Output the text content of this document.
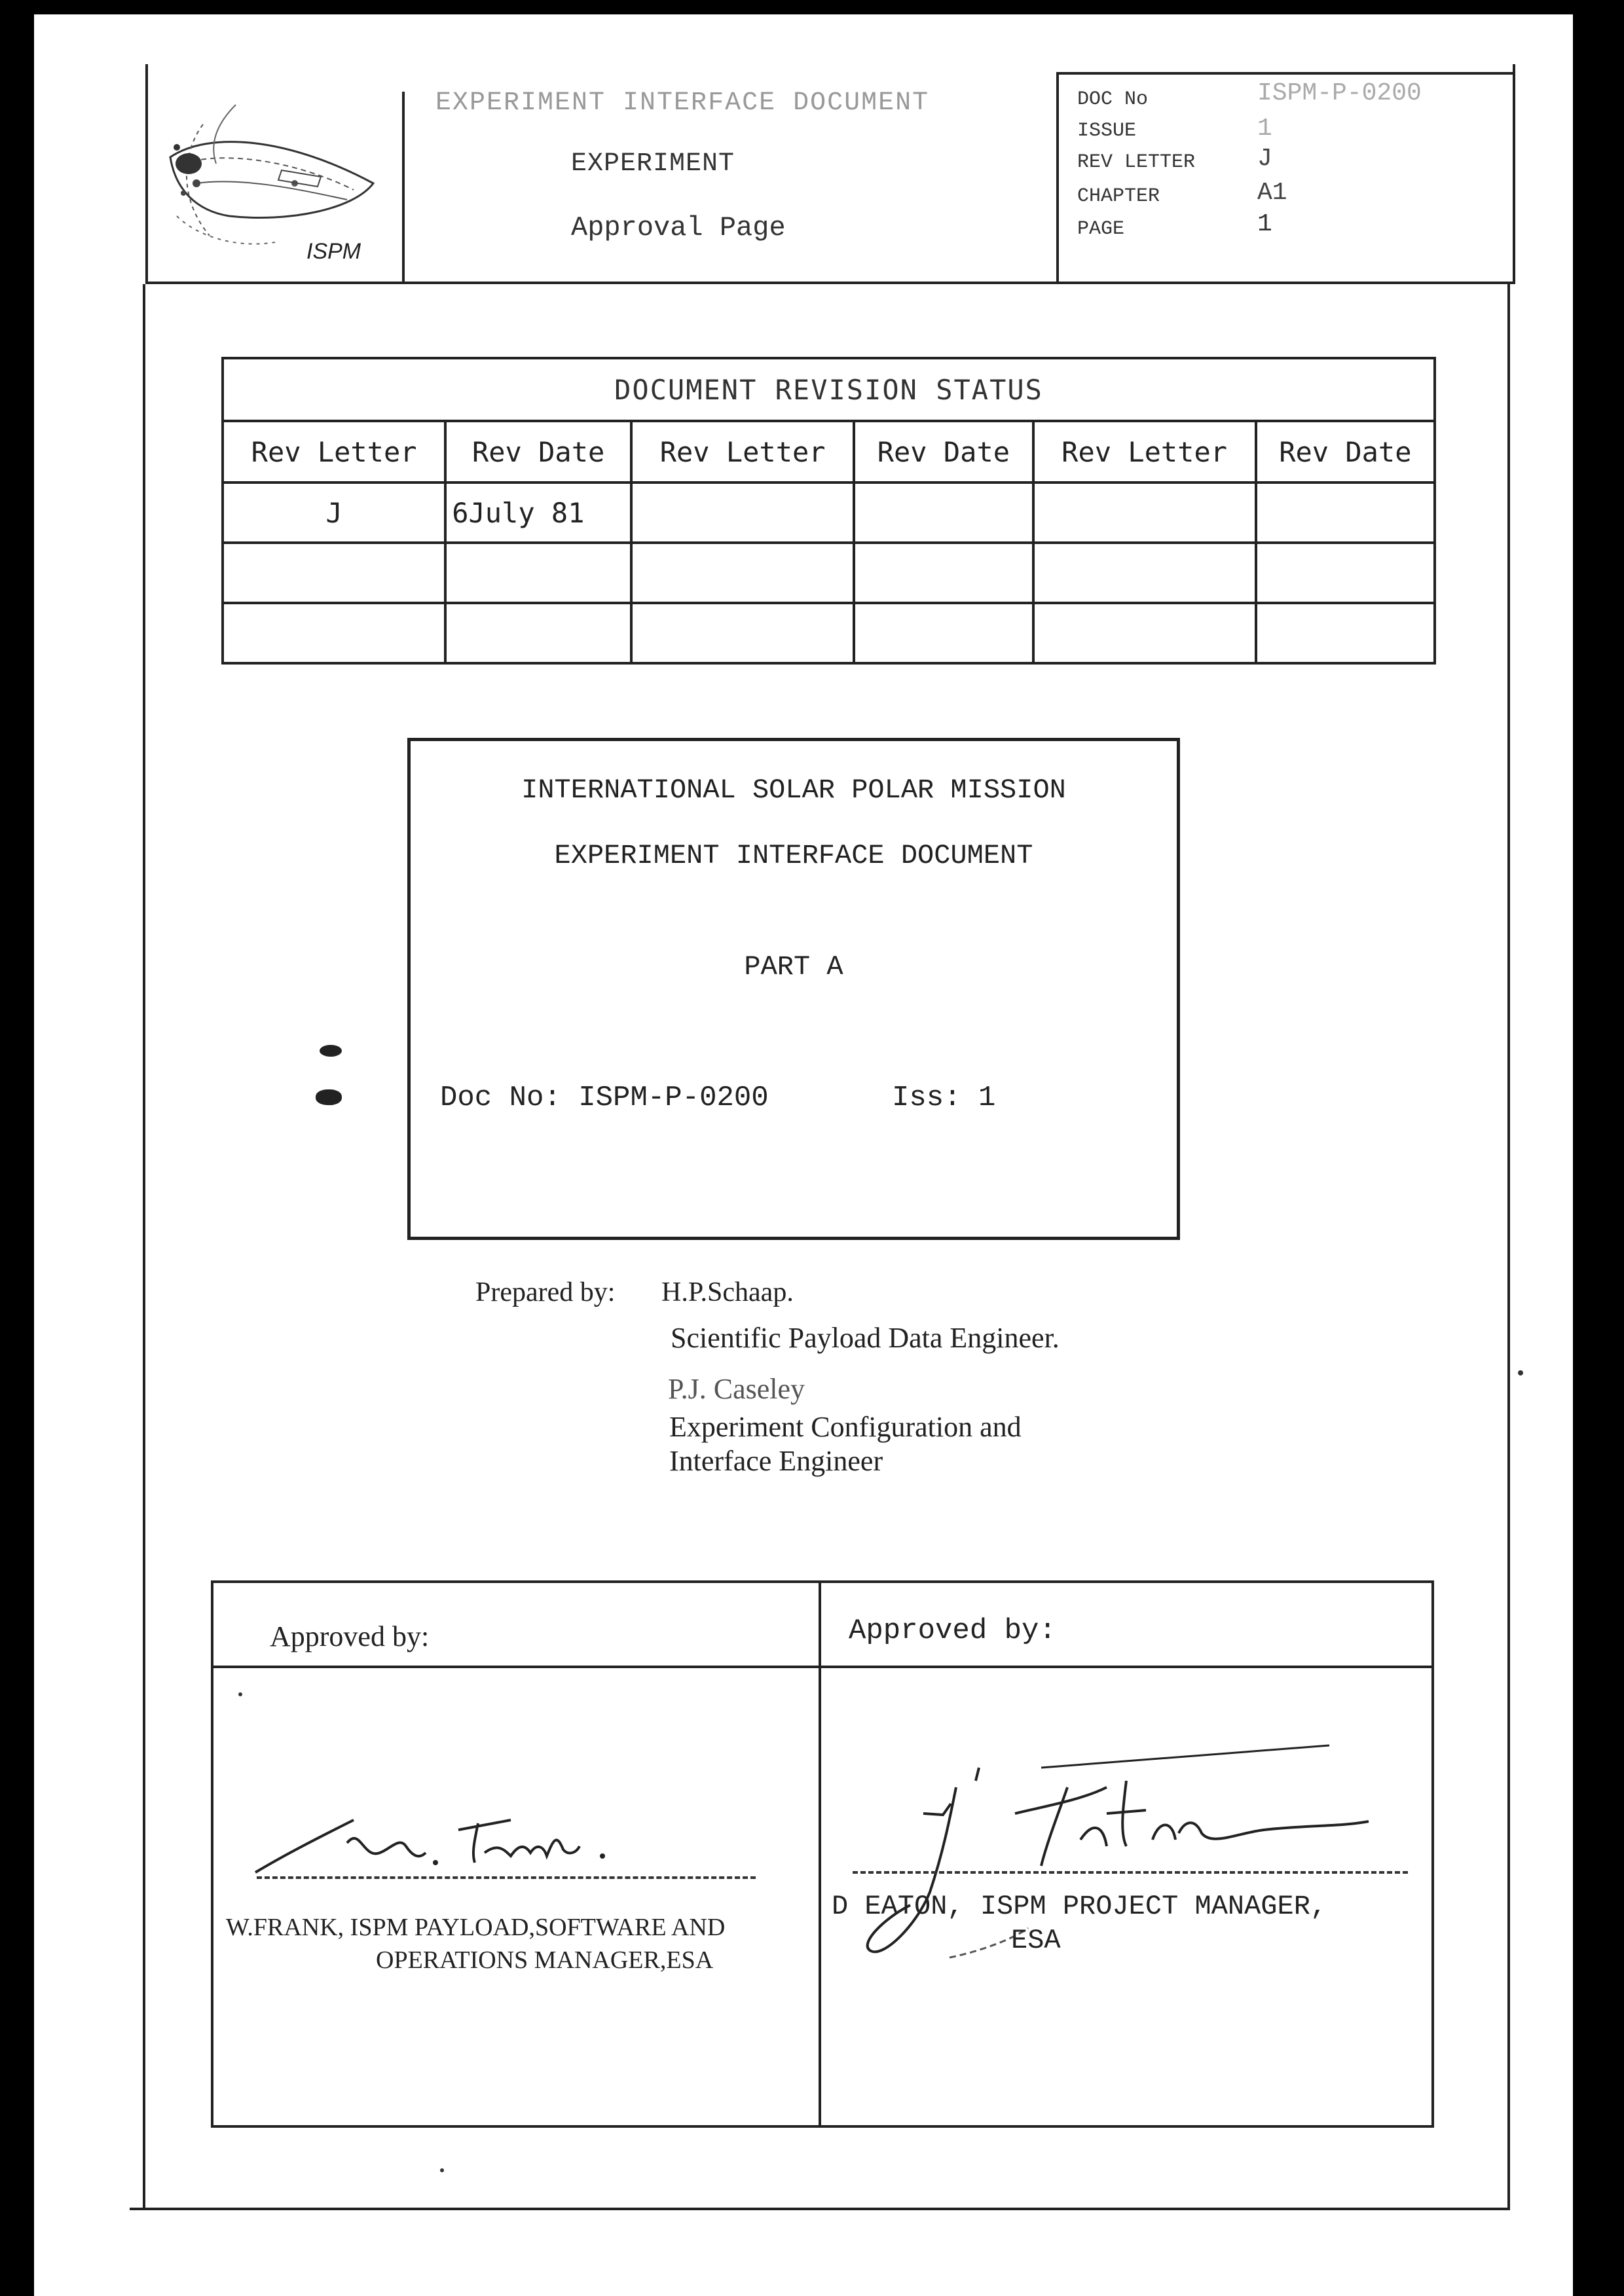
ISPM
EXPERIMENT INTERFACE DOCUMENT
EXPERIMENT
Approval Page
DOC No	ISPM-P-0200
ISSUE	1
REV LETTER J
CHAPTER	A1
PAGE	1
DOCUMENT REVISION STATUS					
Rev Letter	Rev Date	Rev Letter	Rev Date	Rev Letter	Rev Date
J	6July 81				

INTERNATIONAL SOLAR POLAR MISSION
EXPERIMENT INTERFACE DOCUMENT
PART A
Doc No: ISPM-P-0200	Iss: 1
Prepared by: H.P.Schaap.
Scientific Payload Data Engineer.
P.J. Caseley
Experiment Configuration and
Interface Engineer
Approved by:	Approved by:
W.FRANK, ISPM PAYLOAD,SOFTWARE AND
OPERATIONS MANAGER,ESA
D EATON, ISPM PROJECT MANAGER,
ESA
